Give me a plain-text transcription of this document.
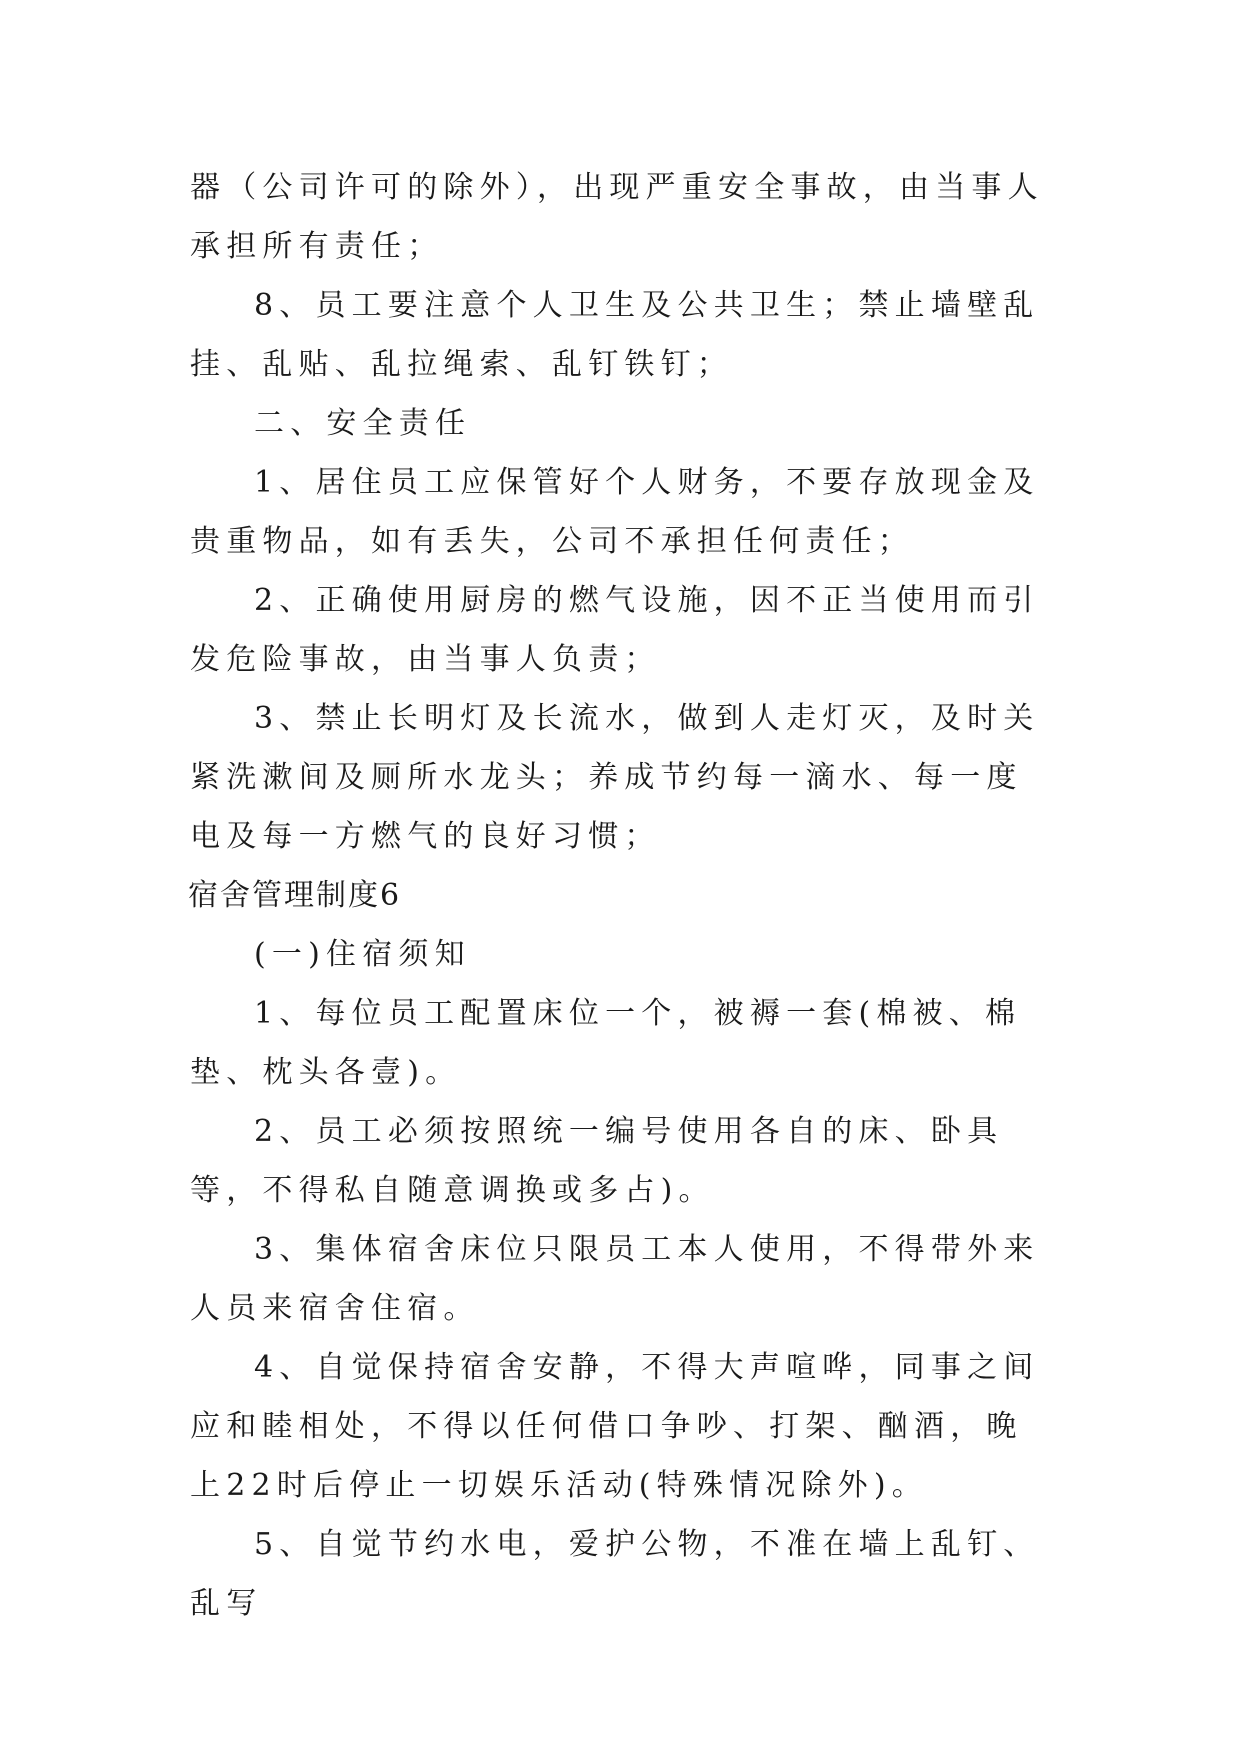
器（公司许可的除外），出现严重安全事故，由当事人承担所有责任；

8、员工要注意个人卫生及公共卫生；禁止墙壁乱挂、乱贴、乱拉绳索、乱钉铁钉；

二、安全责任

1、居住员工应保管好个人财务，不要存放现金及贵重物品，如有丢失，公司不承担任何责任；

2、正确使用厨房的燃气设施，因不正当使用而引发危险事故，由当事人负责；

3、禁止长明灯及长流水，做到人走灯灭，及时关紧洗漱间及厕所水龙头；养成节约每一滴水、每一度电及每一方燃气的良好习惯；

宿舍管理制度6

(一)住宿须知

1、每位员工配置床位一个，被褥一套(棉被、棉垫、枕头各壹)。

2、员工必须按照统一编号使用各自的床、卧具等，不得私自随意调换或多占)。

3、集体宿舍床位只限员工本人使用，不得带外来人员来宿舍住宿。

4、自觉保持宿舍安静，不得大声喧哗，同事之间应和睦相处，不得以任何借口争吵、打架、酗酒，晚上22时后停止一切娱乐活动(特殊情况除外)。

5、自觉节约水电，爱护公物，不准在墙上乱钉、乱写
